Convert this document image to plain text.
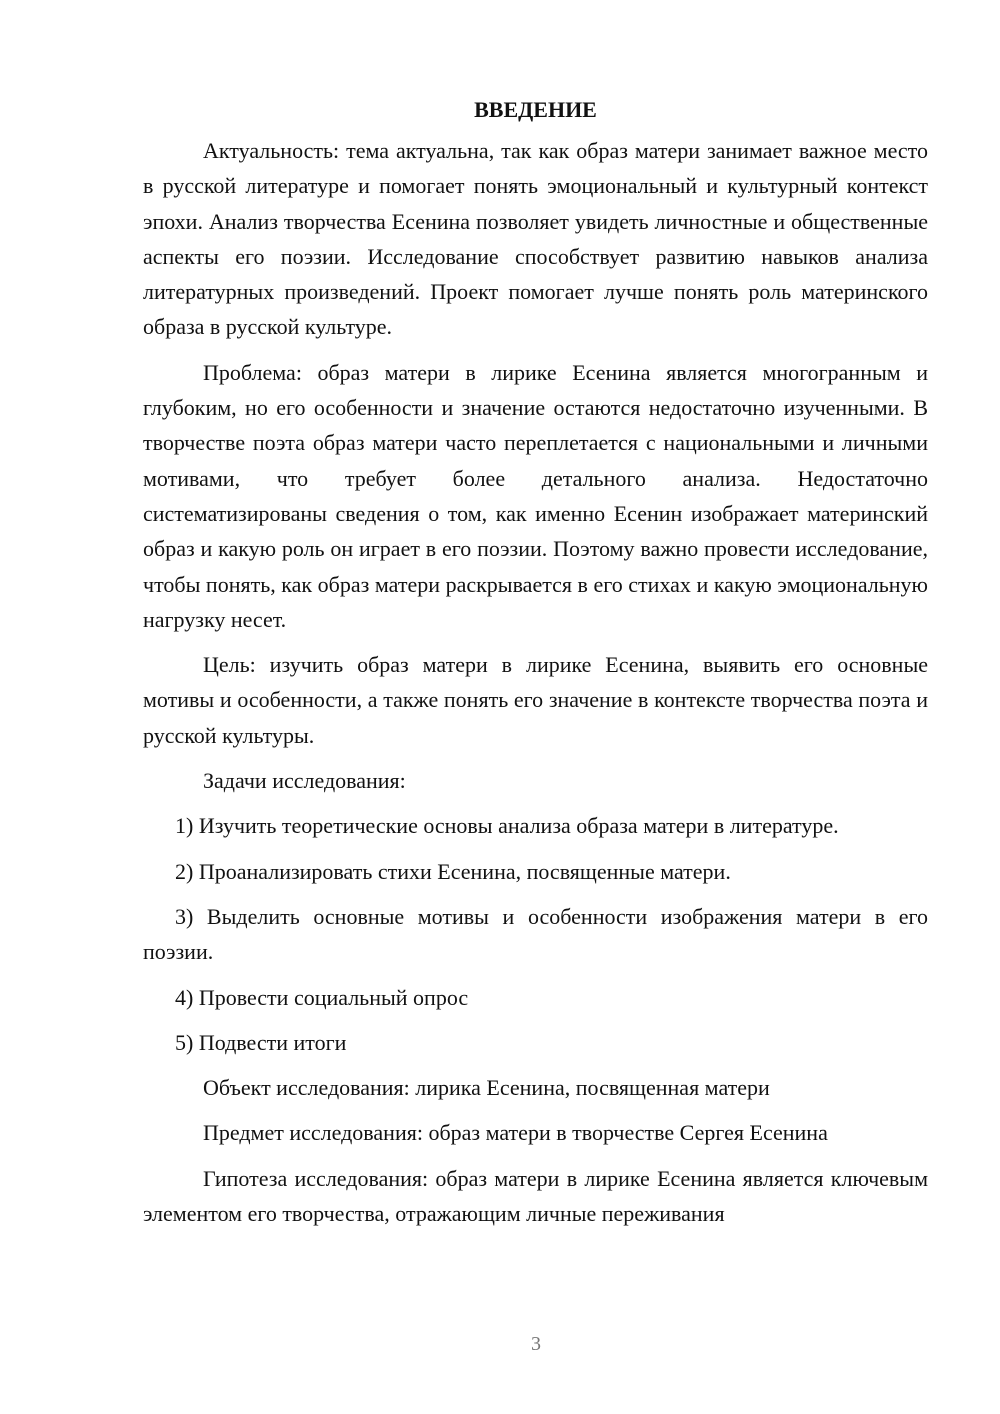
ВВЕДЕНИЕ

Актуальность: тема актуальна, так как образ матери занимает важное место в русской литературе и помогает понять эмоциональный и культурный контекст эпохи. Анализ творчества Есенина позволяет увидеть личностные и общественные аспекты его поэзии. Исследование способствует развитию навыков анализа литературных произведений. Проект помогает лучше понять роль материнского образа в русской культуре.

Проблема: образ матери в лирике Есенина является многогранным и глубоким, но его особенности и значение остаются недостаточно изученными. В творчестве поэта образ матери часто переплетается с национальными и личными мотивами, что требует более детального анализа. Недостаточно систематизированы сведения о том, как именно Есенин изображает материнский образ и какую роль он играет в его поэзии. Поэтому важно провести исследование, чтобы понять, как образ матери раскрывается в его стихах и какую эмоциональную нагрузку несет.

Цель: изучить образ матери в лирике Есенина, выявить его основные мотивы и особенности, а также понять его значение в контексте творчества поэта и русской культуры.

Задачи исследования:

1) Изучить теоретические основы анализа образа матери в литературе.

2) Проанализировать стихи Есенина, посвященные матери.

3) Выделить основные мотивы и особенности изображения матери в его поэзии.

4) Провести социальный опрос

5) Подвести итоги

Объект исследования: лирика Есенина, посвященная матери

Предмет исследования: образ матери в творчестве Сергея Есенина

Гипотеза исследования: образ матери в лирике Есенина является ключевым элементом его творчества, отражающим личные переживания

3
